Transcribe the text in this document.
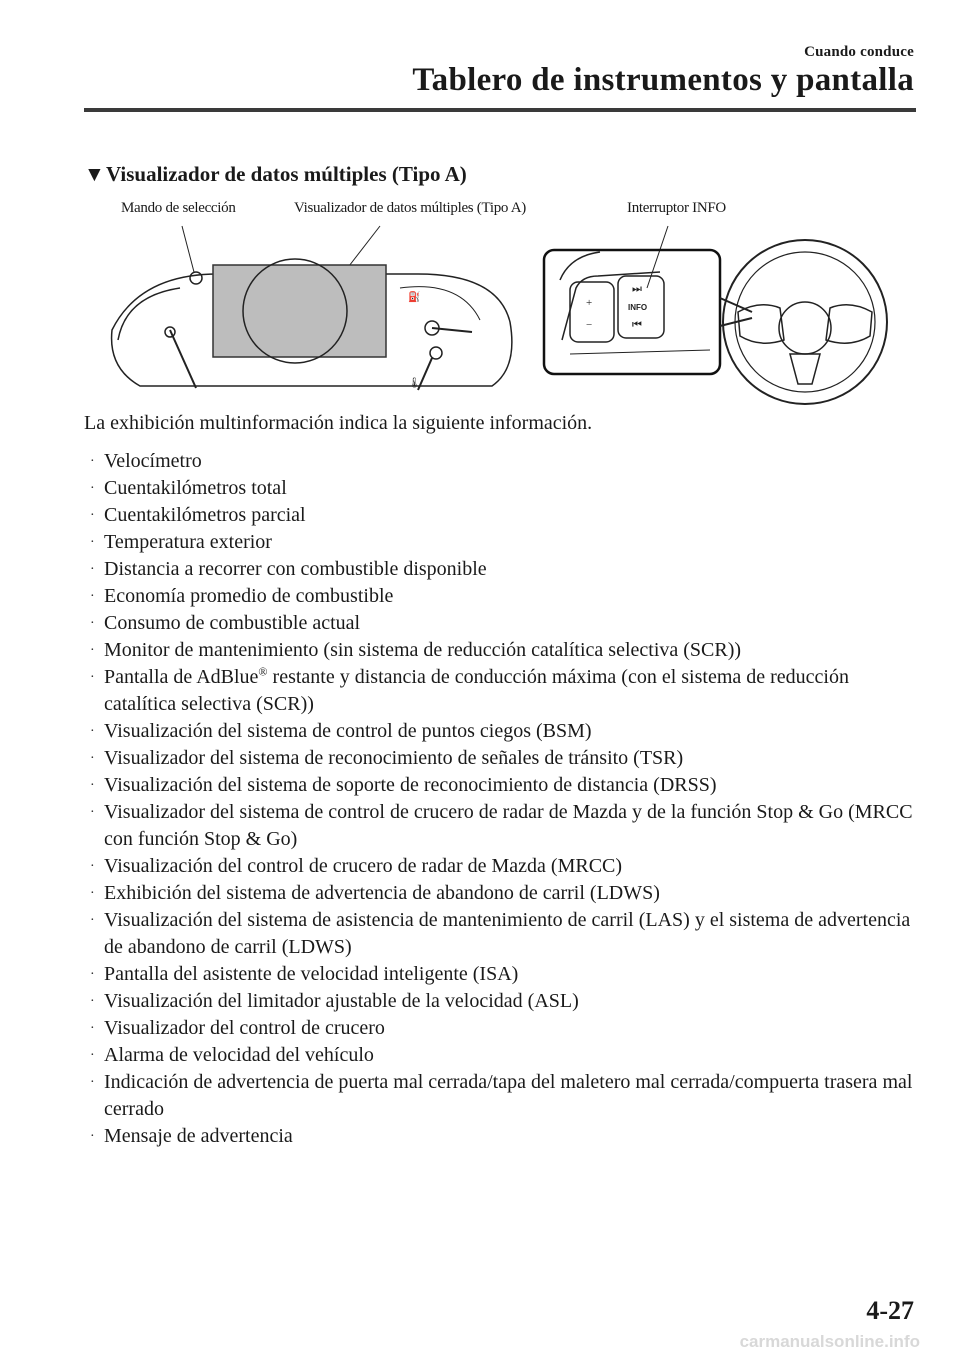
Cuando conduce
Tablero de instrumentos y pantalla
▼Visualizador de datos múltiples (Tipo A)
Mando de selección	Visualizador de datos múltiples (Tipo A)	Interruptor INFO
⛽
🌡
+
−
⏭
INFO
⏮
La exhibición multinformación indica la siguiente información.
· Velocímetro
· Cuentakilómetros total
· Cuentakilómetros parcial
· Temperatura exterior
· Distancia a recorrer con combustible disponible
· Economía promedio de combustible
· Consumo de combustible actual
· Monitor de mantenimiento (sin sistema de reducción catalítica selectiva (SCR))
· Pantalla de AdBlue® restante y distancia de conducción máxima (con el sistema de reducción catalítica selectiva (SCR))
· Visualización del sistema de control de puntos ciegos (BSM)
· Visualizador del sistema de reconocimiento de señales de tránsito (TSR)
· Visualización del sistema de soporte de reconocimiento de distancia (DRSS)
· Visualizador del sistema de control de crucero de radar de Mazda y de la función Stop & Go (MRCC con función Stop & Go)
· Visualización del control de crucero de radar de Mazda (MRCC)
· Exhibición del sistema de advertencia de abandono de carril (LDWS)
· Visualización del sistema de asistencia de mantenimiento de carril (LAS) y el sistema de advertencia de abandono de carril (LDWS)
· Pantalla del asistente de velocidad inteligente (ISA)
· Visualización del limitador ajustable de la velocidad (ASL)
· Visualizador del control de crucero
· Alarma de velocidad del vehículo
· Indicación de advertencia de puerta mal cerrada/tapa del maletero mal cerrada/compuerta trasera mal cerrado
· Mensaje de advertencia
4-27
carmanualsonline.info
